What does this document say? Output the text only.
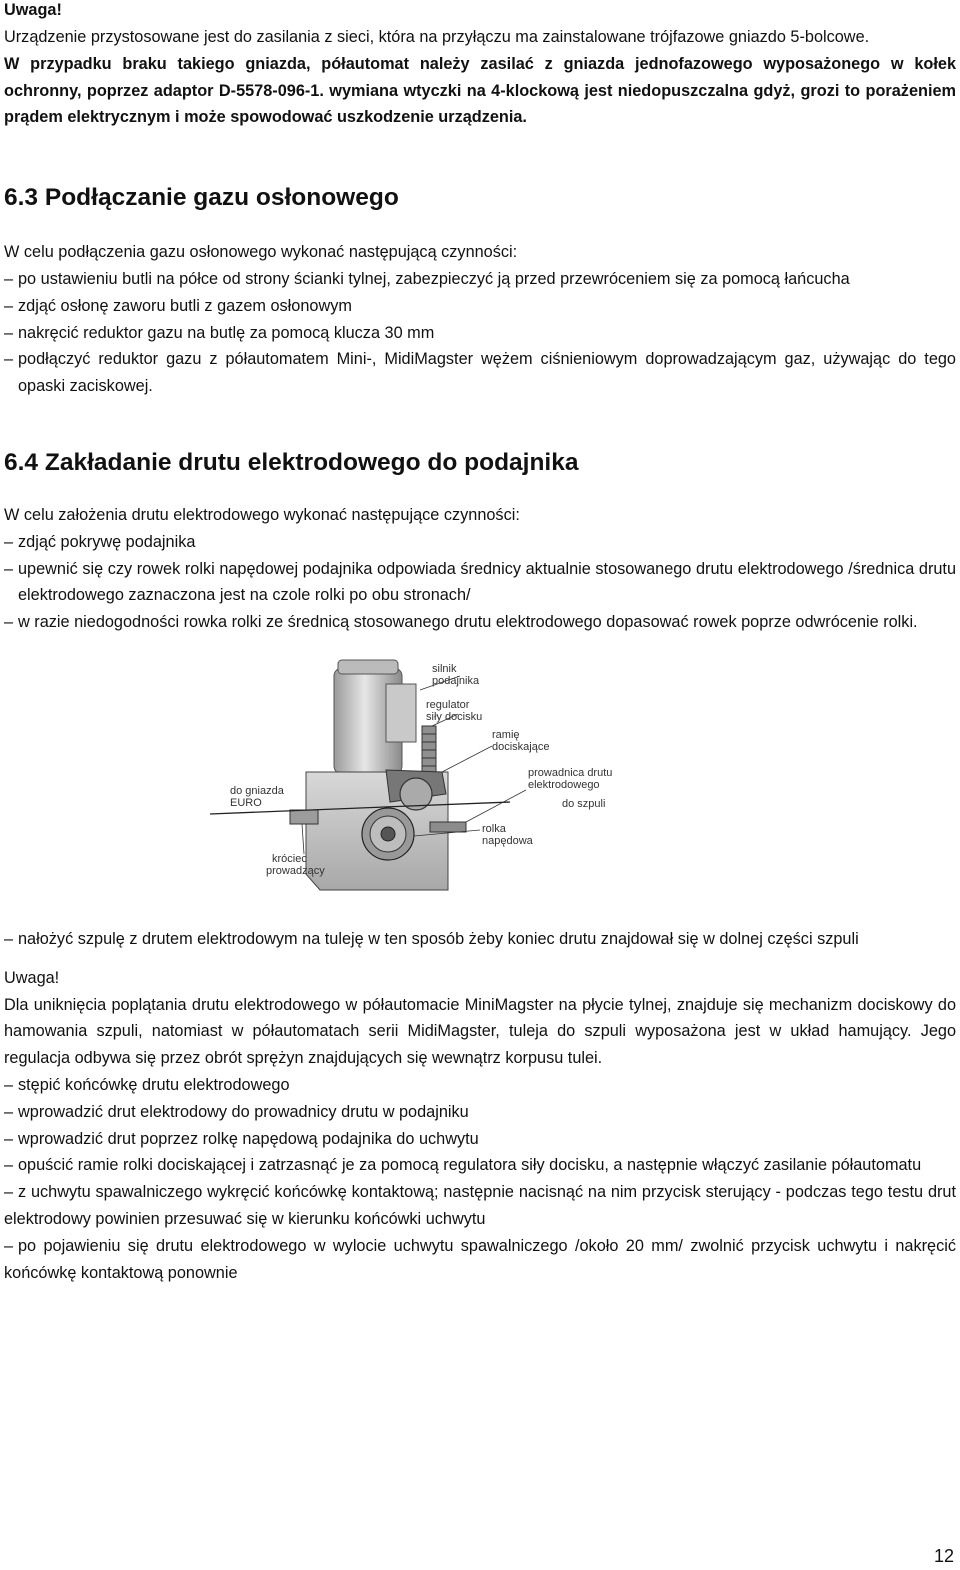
Uwaga!

Urządzenie przystosowane jest do zasilania z sieci, która na przyłączu ma zainstalowane trójfazowe gniazdo 5-bolcowe.

W przypadku braku takiego gniazda, półautomat należy zasilać z gniazda jednofazowego wyposażonego w kołek ochronny, poprzez adaptor D-5578-096-1. wymiana wtyczki na 4-klockową jest niedopuszczalna gdyż, grozi to porażeniem prądem elektrycznym i może spowodować uszkodzenie urządzenia.

6.3 Podłączanie gazu osłonowego

W celu podłączenia gazu osłonowego wykonać następującą czynności:

– po ustawieniu butli na półce od strony ścianki tylnej, zabezpieczyć ją przed przewróceniem się za pomocą łańcucha
– zdjąć osłonę zaworu butli z gazem osłonowym
– nakręcić reduktor gazu na butlę za pomocą klucza 30 mm
– podłączyć reduktor gazu z półautomatem Mini-, MidiMagster wężem ciśnieniowym doprowadzającym gaz, używając do tego opaski zaciskowej.
6.4 Zakładanie drutu elektrodowego do podajnika

W celu założenia drutu elektrodowego wykonać następujące czynności:

– zdjąć pokrywę podajnika
– upewnić się czy rowek rolki napędowej podajnika odpowiada średnicy aktualnie stosowanego drutu elektrodowego /średnica drutu elektrodowego zaznaczona jest na czole rolki po obu stronach/
– w razie niedogodności rowka rolki ze średnicą stosowanego drutu elektrodowego dopasować rowek poprze odwrócenie rolki.
silnik
podajnika
regulator
siły docisku
ramię
dociskające
prowadnica drutu
elektrodowego
do szpuli
do gniazda
EURO
rolka
napędowa
króciec
prowadzący
– nałożyć szpulę z drutem elektrodowym na tuleję w ten sposób żeby koniec drutu znajdował się w dolnej części szpuli

Uwaga!

Dla uniknięcia poplątania drutu elektrodowego w półautomacie MiniMagster na płycie tylnej, znajduje się mechanizm dociskowy do hamowania szpuli, natomiast w półautomatach serii MidiMagster, tuleja do szpuli wyposażona jest w układ hamujący. Jego regulacja odbywa się przez obrót sprężyn znajdujących się wewnątrz korpusu tulei.

– stępić końcówkę drutu elektrodowego
– wprowadzić drut elektrodowy do prowadnicy drutu w podajniku
– wprowadzić drut poprzez rolkę napędową podajnika do uchwytu
– opuścić ramie rolki dociskającej i zatrzasnąć je za pomocą regulatora siły docisku, a następnie włączyć zasilanie półautomatu
– z uchwytu spawalniczego wykręcić końcówkę kontaktową; następnie nacisnąć na nim przycisk sterujący - podczas tego testu drut elektrodowy powinien przesuwać się w kierunku końcówki uchwytu
– po pojawieniu się drutu elektrodowego w wylocie uchwytu spawalniczego /około 20 mm/ zwolnić przycisk uchwytu i nakręcić końcówkę kontaktową ponownie
12
